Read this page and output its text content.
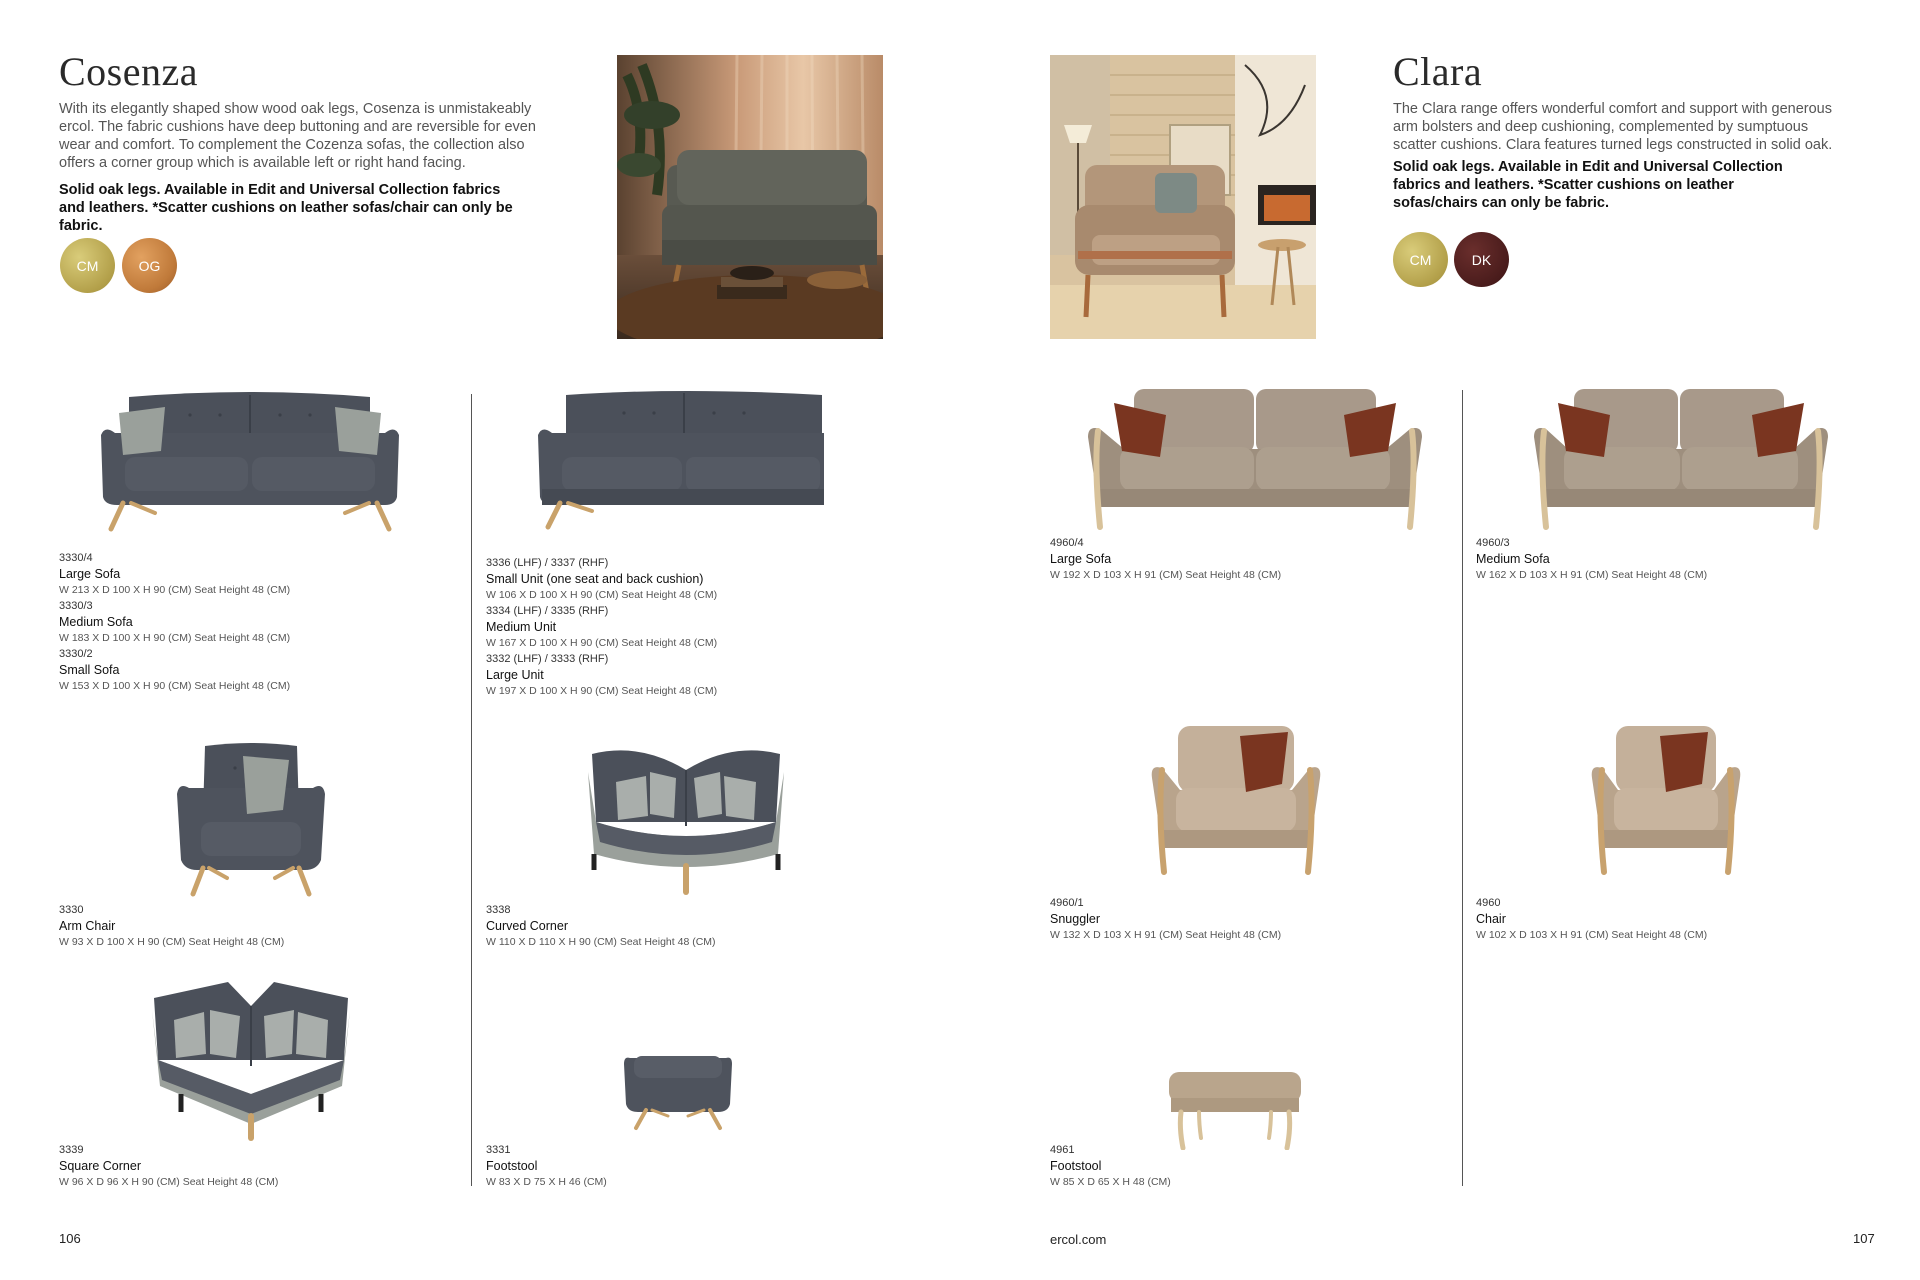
Cosenza

With its elegantly shaped show wood oak legs, Cosenza is unmistakeably ercol. The fabric cushions have deep buttoning and are reversible for even wear and comfort. To complement the Cozenza sofas, the collection also offers a corner group which is available left or right hand facing.

Solid oak legs. Available in Edit and Universal Collection fabrics and leathers. *Scatter cushions on leather sofas/chair can only be fabric.

CM	OG
3330/4
Large Sofa
W 213 X D 100 X H 90 (CM) Seat Height 48 (CM)
3330/3
Medium Sofa
W 183 X D 100 X H 90 (CM) Seat Height 48 (CM)
3330/2
Small Sofa
W 153 X D 100 X H 90 (CM) Seat Height 48 (CM)
3336 (LHF) / 3337 (RHF)
Small Unit (one seat and back cushion)
W 106 X D 100 X H 90 (CM) Seat Height 48 (CM)
3334 (LHF) / 3335 (RHF)
Medium Unit
W 167 X D 100 X H 90 (CM) Seat Height 48 (CM)
3332 (LHF) / 3333 (RHF)
Large Unit
W 197 X D 100 X H 90 (CM) Seat Height 48 (CM)
3330
Arm Chair
W 93 X D 100 X H 90 (CM) Seat Height 48 (CM)
3338
Curved Corner
W 110 X D 110 X H 90 (CM) Seat Height 48 (CM)
3339
Square Corner
W 96 X D 96 X H 90 (CM) Seat Height 48 (CM)
3331
Footstool
W 83 X D 75 X H 46 (CM)
Clara

The Clara range offers wonderful comfort and support with generous arm bolsters and deep cushioning, complemented by sumptuous scatter cushions. Clara features turned legs constructed in solid oak.

Solid oak legs. Available in Edit and Universal Collection fabrics and leathers. *Scatter cushions on leather sofas/chairs can only be fabric.

CM	DK
4960/4
Large Sofa
W 192 X D 103 X H 91 (CM) Seat Height 48 (CM)
4960/3
Medium Sofa
W 162 X D 103 X H 91 (CM) Seat Height 48 (CM)
4960/1
Snuggler
W 132 X D 103 X H 91 (CM) Seat Height 48 (CM)
4960
Chair
W 102 X D 103 X H 91 (CM) Seat Height 48 (CM)
4961
Footstool
W 85 X D 65 X H 48 (CM)
106	ercol.com	107
